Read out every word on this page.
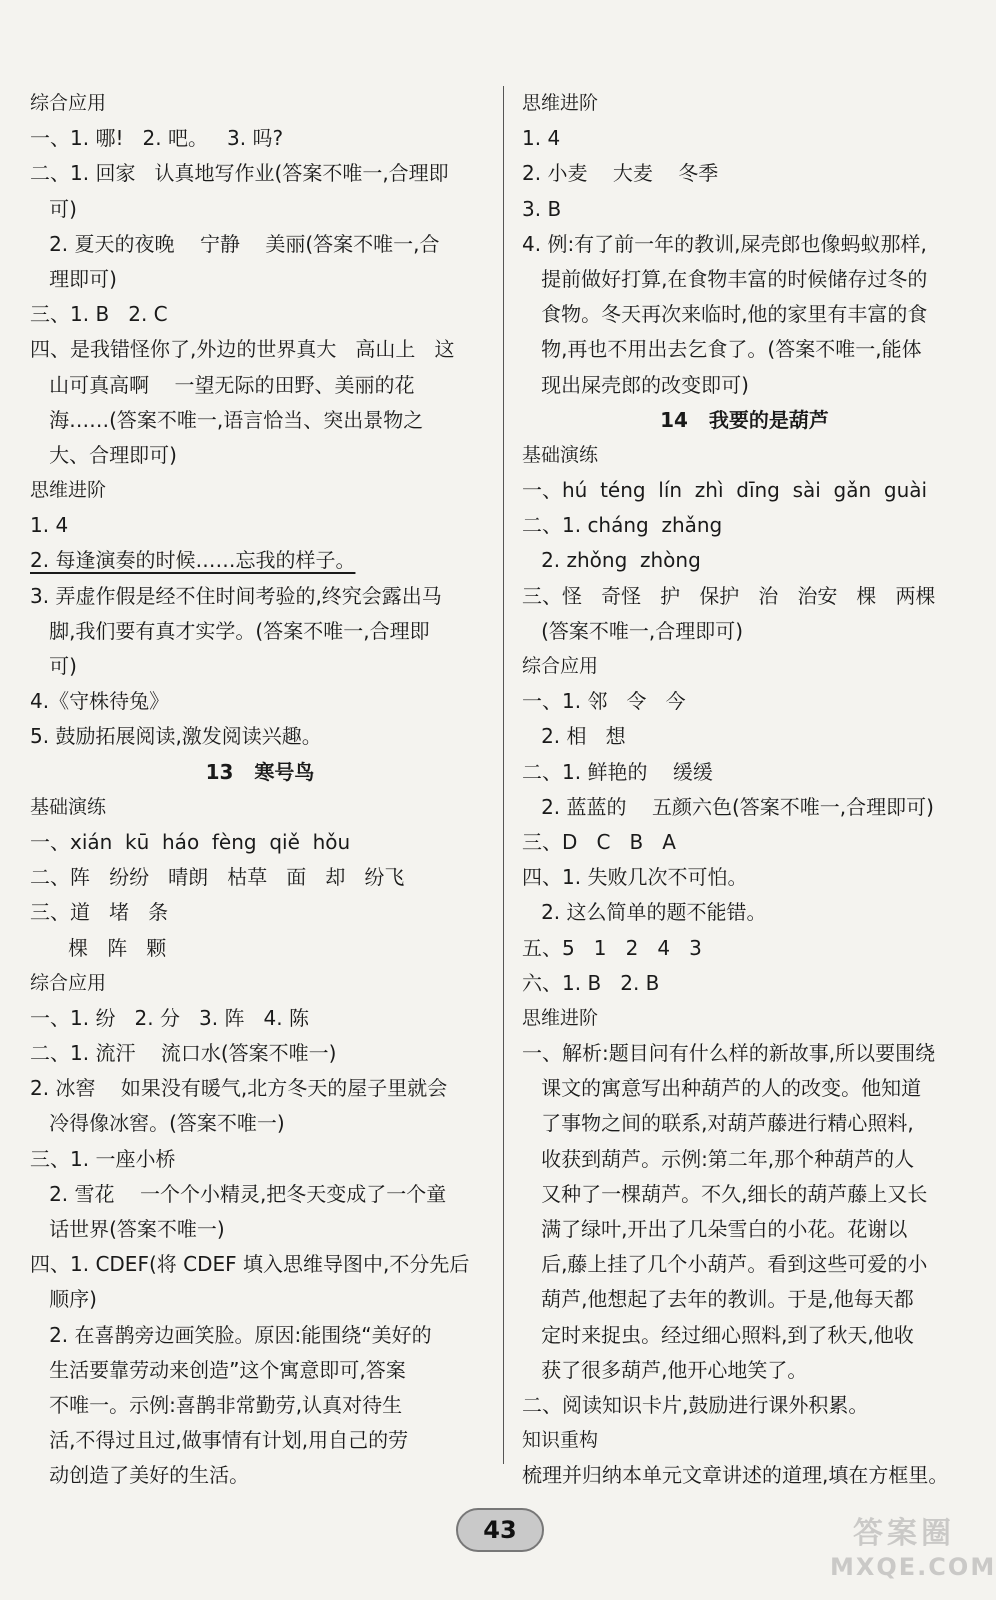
综合应用
一、1. 哪!   2. 吧。   3. 吗?
二、1. 回家   认真地写作业(答案不唯一,合理即
可)
2. 夏天的夜晚    宁静    美丽(答案不唯一,合
理即可)
三、1. B   2. C
四、是我错怪你了,外边的世界真大   高山上   这
山可真高啊    一望无际的田野、美丽的花
海……(答案不唯一,语言恰当、突出景物之
大、合理即可)
思维进阶
1. 4
2. 每逢演奏的时候……忘我的样子。
3. 弄虚作假是经不住时间考验的,终究会露出马
脚,我们要有真才实学。(答案不唯一,合理即
可)
4.《守株待兔》
5. 鼓励拓展阅读,激发阅读兴趣。
13   寒号鸟
基础演练
一、xián  kū  háo  fèng  qiě  hǒu
二、阵   纷纷   晴朗   枯草   面   却   纷飞
三、道   堵   条
棵   阵   颗
综合应用
一、1. 纷   2. 分   3. 阵   4. 陈
二、1. 流汗    流口水(答案不唯一)
2. 冰窖    如果没有暖气,北方冬天的屋子里就会
冷得像冰窖。(答案不唯一)
三、1. 一座小桥
2. 雪花    一个个小精灵,把冬天变成了一个童
话世界(答案不唯一)
四、1. CDEF(将 CDEF 填入思维导图中,不分先后
顺序)
2. 在喜鹊旁边画笑脸。原因:能围绕“美好的
生活要靠劳动来创造”这个寓意即可,答案
不唯一。示例:喜鹊非常勤劳,认真对待生
活,不得过且过,做事情有计划,用自己的劳
动创造了美好的生活。
思维进阶
1. 4
2. 小麦    大麦    冬季
3. B
4. 例:有了前一年的教训,屎壳郎也像蚂蚁那样,
提前做好打算,在食物丰富的时候储存过冬的
食物。冬天再次来临时,他的家里有丰富的食
物,再也不用出去乞食了。(答案不唯一,能体
现出屎壳郎的改变即可)
14   我要的是葫芦
基础演练
一、hú  téng  lín  zhì  dīng  sài  gǎn  guài
二、1. cháng  zhǎng
2. zhǒng  zhòng
三、怪   奇怪   护   保护   治   治安   棵   两棵
(答案不唯一,合理即可)
综合应用
一、1. 邻   令   今
2. 相   想
二、1. 鲜艳的    缓缓
2. 蓝蓝的    五颜六色(答案不唯一,合理即可)
三、D   C   B   A
四、1. 失败几次不可怕。
2. 这么简单的题不能错。
五、5   1   2   4   3
六、1. B   2. B
思维进阶
一、解析:题目问有什么样的新故事,所以要围绕
课文的寓意写出种葫芦的人的改变。他知道
了事物之间的联系,对葫芦藤进行精心照料,
收获到葫芦。示例:第二年,那个种葫芦的人
又种了一棵葫芦。不久,细长的葫芦藤上又长
满了绿叶,开出了几朵雪白的小花。花谢以
后,藤上挂了几个小葫芦。看到这些可爱的小
葫芦,他想起了去年的教训。于是,他每天都
定时来捉虫。经过细心照料,到了秋天,他收
获了很多葫芦,他开心地笑了。
二、阅读知识卡片,鼓励进行课外积累。
知识重构
梳理并归纳本单元文章讲述的道理,填在方框里。
43	答案圈
MXQE.COM
